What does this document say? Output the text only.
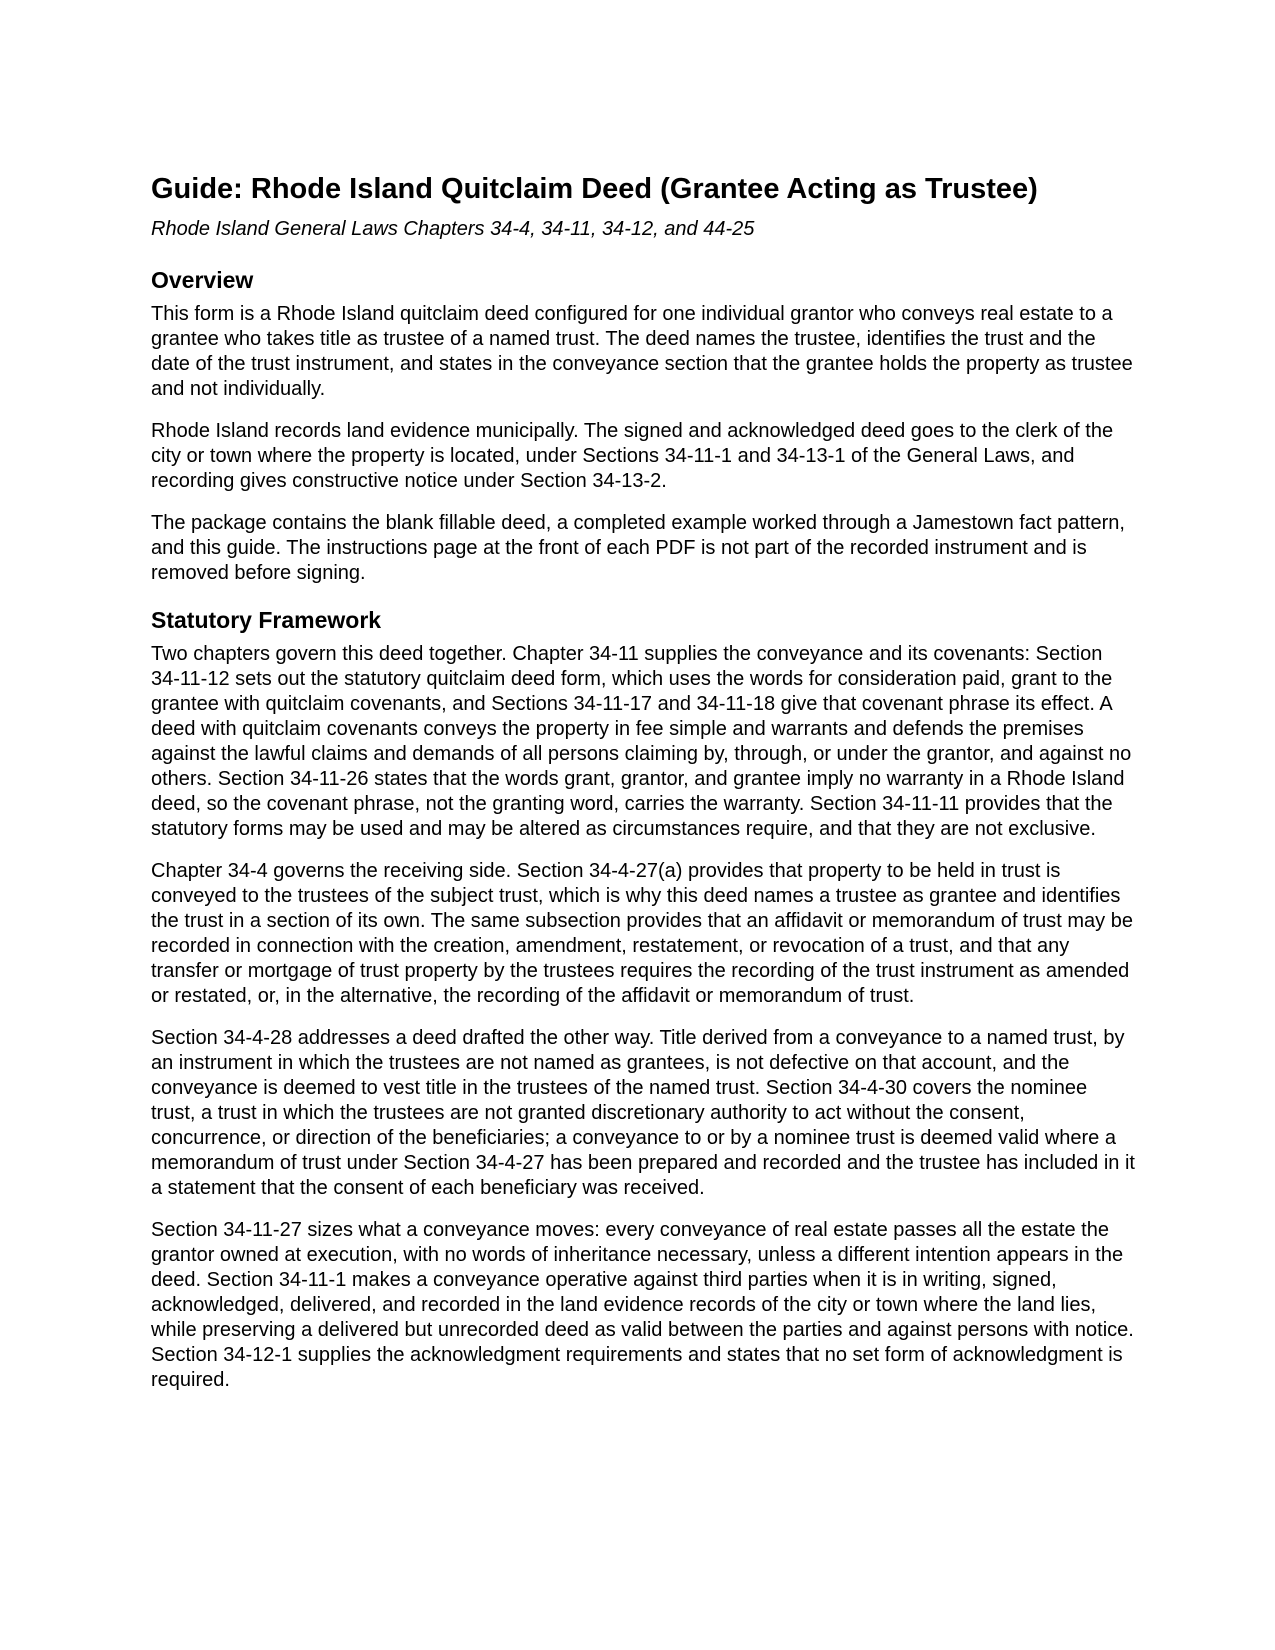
Guide: Rhode Island Quitclaim Deed (Grantee Acting as Trustee)
Rhode Island General Laws Chapters 34-4, 34-11, 34-12, and 44-25
Overview

This form is a Rhode Island quitclaim deed configured for one individual grantor who conveys real estate to a grantee who takes title as trustee of a named trust. The deed names the trustee, identifies the trust and the date of the trust instrument, and states in the conveyance section that the grantee holds the property as trustee and not individually.

Rhode Island records land evidence municipally. The signed and acknowledged deed goes to the clerk of the city or town where the property is located, under Sections 34-11-1 and 34-13-1 of the General Laws, and recording gives constructive notice under Section 34-13-2.

The package contains the blank fillable deed, a completed example worked through a Jamestown fact pattern, and this guide. The instructions page at the front of each PDF is not part of the recorded instrument and is removed before signing.

Statutory Framework

Two chapters govern this deed together. Chapter 34-11 supplies the conveyance and its covenants: Section 34-11-12 sets out the statutory quitclaim deed form, which uses the words for consideration paid, grant to the grantee with quitclaim covenants, and Sections 34-11-17 and 34-11-18 give that covenant phrase its effect. A deed with quitclaim covenants conveys the property in fee simple and warrants and defends the premises against the lawful claims and demands of all persons claiming by, through, or under the grantor, and against no others. Section 34-11-26 states that the words grant, grantor, and grantee imply no warranty in a Rhode Island deed, so the covenant phrase, not the granting word, carries the warranty. Section 34-11-11 provides that the statutory forms may be used and may be altered as circumstances require, and that they are not exclusive.

Chapter 34-4 governs the receiving side. Section 34-4-27(a) provides that property to be held in trust is conveyed to the trustees of the subject trust, which is why this deed names a trustee as grantee and identifies the trust in a section of its own. The same subsection provides that an affidavit or memorandum of trust may be recorded in connection with the creation, amendment, restatement, or revocation of a trust, and that any transfer or mortgage of trust property by the trustees requires the recording of the trust instrument as amended or restated, or, in the alternative, the recording of the affidavit or memorandum of trust.

Section 34-4-28 addresses a deed drafted the other way. Title derived from a conveyance to a named trust, by an instrument in which the trustees are not named as grantees, is not defective on that account, and the conveyance is deemed to vest title in the trustees of the named trust. Section 34-4-30 covers the nominee trust, a trust in which the trustees are not granted discretionary authority to act without the consent, concurrence, or direction of the beneficiaries; a conveyance to or by a nominee trust is deemed valid where a memorandum of trust under Section 34-4-27 has been prepared and recorded and the trustee has included in it a statement that the consent of each beneficiary was received.

Section 34-11-27 sizes what a conveyance moves: every conveyance of real estate passes all the estate the grantor owned at execution, with no words of inheritance necessary, unless a different intention appears in the deed. Section 34-11-1 makes a conveyance operative against third parties when it is in writing, signed, acknowledged, delivered, and recorded in the land evidence records of the city or town where the land lies, while preserving a delivered but unrecorded deed as valid between the parties and against persons with notice. Section 34-12-1 supplies the acknowledgment requirements and states that no set form of acknowledgment is required.
